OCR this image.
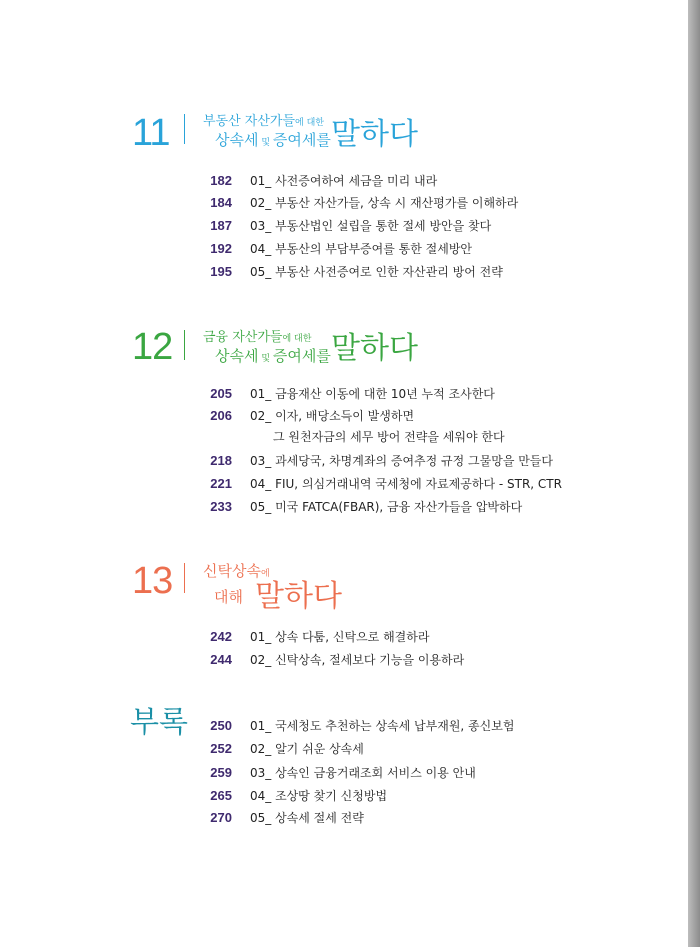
11	부동산 자산가들에 대한
상속세 및 증여세를 말하다
182 01_ 사전증여하여 세금을 미리 내라
184 02_ 부동산 자산가들, 상속 시 재산평가를 이해하라
187 03_ 부동산법인 설립을 통한 절세 방안을 찾다
192 04_ 부동산의 부담부증여를 통한 절세방안
195 05_ 부동산 사전증여로 인한 자산관리 방어 전략
12 금융 자산가들에 대한
상속세 및 증여세를 말하다
205 01_ 금융재산 이동에 대한 10년 누적 조사한다
206 02_ 이자, 배당소득이 발생하면
그 원천자금의 세무 방어 전략을 세워야 한다
218 03_ 과세당국, 차명계좌의 증여추정 규정 그물망을 만들다
221 04_ FIU, 의심거래내역 국세청에 자료제공하다 - STR, CTR
233 05_ 미국 FATCA(FBAR), 금융 자산가들을 압박하다
13 신탁상속에
대해 말하다
242 01_ 상속 다툼, 신탁으로 해결하라
244 02_ 신탁상속, 절세보다 기능을 이용하라
부록	250 01_ 국세청도 추천하는 상속세 납부재원, 종신보험
252 02_ 알기 쉬운 상속세
259 03_ 상속인 금융거래조회 서비스 이용 안내
265 04_ 조상땅 찾기 신청방법
270 05_ 상속세 절세 전략
